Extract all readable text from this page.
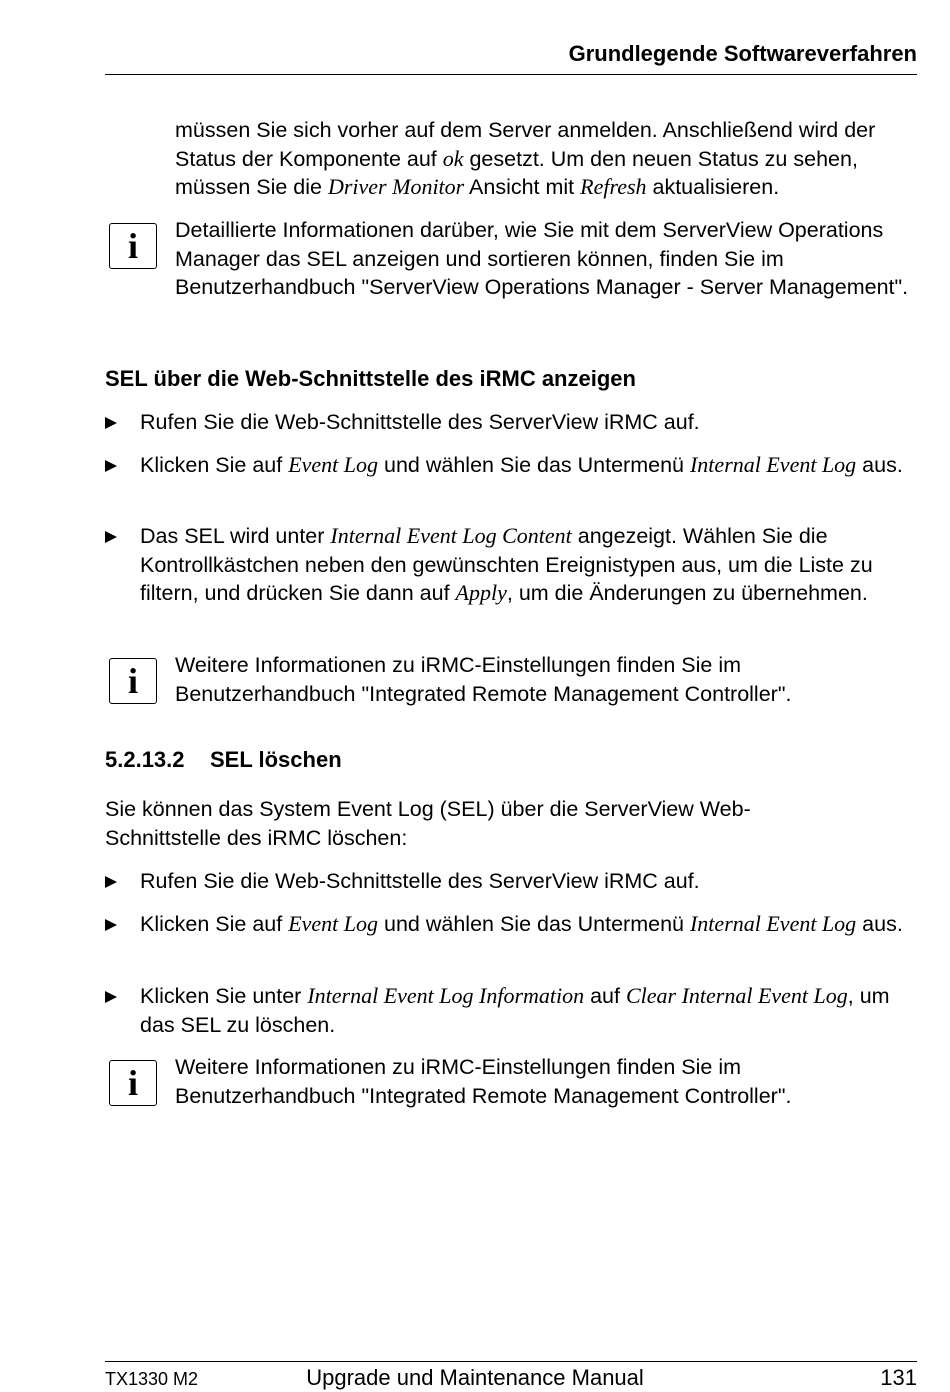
Grundlegende Softwareverfahren
müssen Sie sich vorher auf dem Server anmelden. Anschließend wird der Status der Komponente auf ok gesetzt. Um den neuen Status zu sehen, müssen Sie die Driver Monitor Ansicht mit Refresh aktualisieren.
i	Detaillierte Informationen darüber, wie Sie mit dem ServerView Operations Manager das SEL anzeigen und sortieren können, finden Sie im Benutzerhandbuch "ServerView Operations Manager - Server Management".
SEL über die Web-Schnittstelle des iRMC anzeigen
Rufen Sie die Web-Schnittstelle des ServerView iRMC auf.
Klicken Sie auf Event Log und wählen Sie das Untermenü Internal Event Log aus.
Das SEL wird unter Internal Event Log Content angezeigt. Wählen Sie die Kontrollkästchen neben den gewünschten Ereignistypen aus, um die Liste zu filtern, und drücken Sie dann auf Apply, um die Änderungen zu übernehmen.
i	Weitere Informationen zu iRMC-Einstellungen finden Sie im Benutzerhandbuch "Integrated Remote Management Controller".
5.2.13.2 SEL löschen
Sie können das System Event Log (SEL) über die ServerView Web-Schnittstelle des iRMC löschen:
Rufen Sie die Web-Schnittstelle des ServerView iRMC auf.
Klicken Sie auf Event Log und wählen Sie das Untermenü Internal Event Log aus.
Klicken Sie unter Internal Event Log Information auf Clear Internal Event Log, um das SEL zu löschen.
i	Weitere Informationen zu iRMC-Einstellungen finden Sie im Benutzerhandbuch "Integrated Remote Management Controller".
TX1330 M2	Upgrade und Maintenance Manual	131
